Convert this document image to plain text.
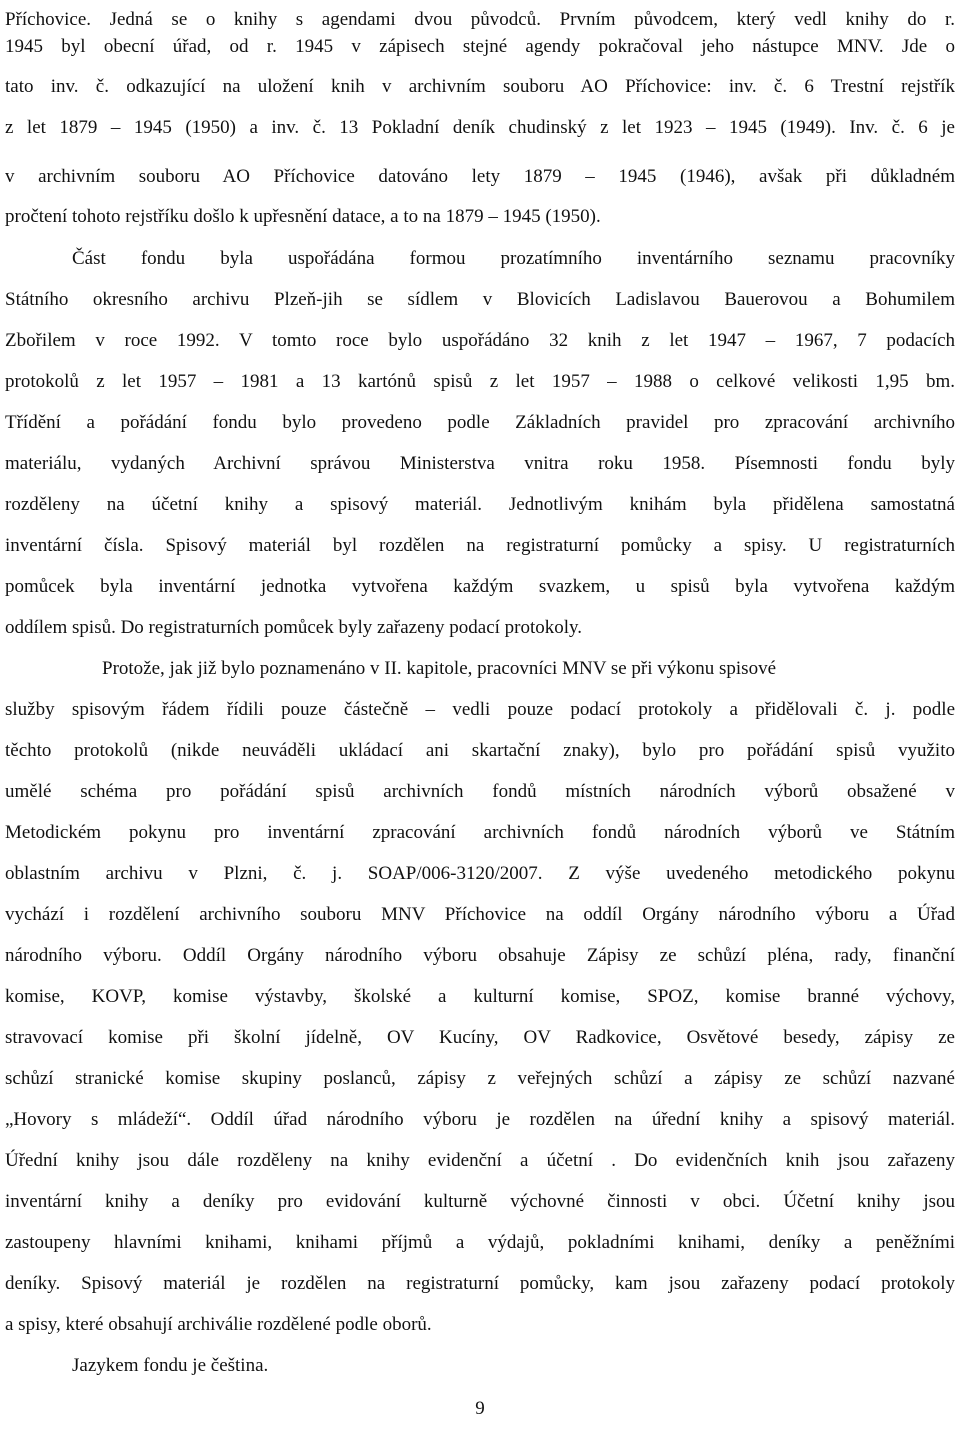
Příchovice. Jedná se o knihy s agendami dvou původců. Prvním původcem, který vedl knihy do r.
1945 byl obecní úřad, od r. 1945 v zápisech stejné agendy pokračoval jeho nástupce MNV. Jde o
tato inv. č. odkazující na uložení knih v archivním souboru AO Příchovice: inv. č. 6 Trestní rejstřík
z let 1879 – 1945 (1950) a inv. č. 13 Pokladní deník chudinský z let 1923 – 1945 (1949). Inv. č. 6 je
v archivním souboru AO Příchovice datováno lety 1879 – 1945 (1946), avšak při důkladném
pročtení tohoto rejstříku došlo k upřesnění datace, a to na 1879 – 1945 (1950).
Část fondu byla uspořádána formou prozatímního inventárního seznamu pracovníky
Státního okresního archivu Plzeň-jih se sídlem v Blovicích Ladislavou Bauerovou a Bohumilem
Zbořilem v roce 1992. V tomto roce bylo uspořádáno 32 knih z let 1947 – 1967, 7 podacích
protokolů z let 1957 – 1981 a 13 kartónů spisů z let 1957 – 1988 o celkové velikosti 1,95 bm.
Třídění a pořádání fondu bylo provedeno podle Základních pravidel pro zpracování archivního
materiálu, vydaných Archivní správou Ministerstva vnitra roku 1958. Písemnosti fondu byly
rozděleny na účetní knihy a spisový materiál. Jednotlivým knihám byla přidělena samostatná
inventární čísla. Spisový materiál byl rozdělen na registraturní pomůcky a spisy. U registraturních
pomůcek byla inventární jednotka vytvořena každým svazkem, u spisů byla vytvořena každým
oddílem spisů. Do registraturních pomůcek byly zařazeny podací protokoly.
Protože, jak již bylo poznamenáno v II. kapitole, pracovníci MNV se při výkonu spisové
služby spisovým řádem řídili pouze částečně – vedli pouze podací protokoly a přidělovali č. j. podle
těchto protokolů (nikde neuváděli ukládací ani skartační znaky), bylo pro pořádání spisů využito
umělé schéma pro pořádání spisů archivních fondů místních národních výborů obsažené v
Metodickém pokynu pro inventární zpracování archivních fondů národních výborů ve Státním
oblastním archivu v Plzni, č. j. SOAP/006-3120/2007. Z výše uvedeného metodického pokynu
vychází i rozdělení archivního souboru MNV Příchovice na oddíl Orgány národního výboru a Úřad
národního výboru. Oddíl Orgány národního výboru obsahuje Zápisy ze schůzí pléna, rady, finanční
komise, KOVP, komise výstavby, školské a kulturní komise, SPOZ, komise branné výchovy,
stravovací komise při školní jídelně, OV Kucíny, OV Radkovice, Osvětové besedy, zápisy ze
schůzí stranické komise skupiny poslanců, zápisy z veřejných schůzí a zápisy ze schůzí nazvané
„Hovory s mládeží“. Oddíl úřad národního výboru je rozdělen na úřední knihy a spisový materiál.
Úřední knihy jsou dále rozděleny na knihy evidenční a účetní . Do evidenčních knih jsou zařazeny
inventární knihy a deníky pro evidování kulturně výchovné činnosti v obci. Účetní knihy jsou
zastoupeny hlavními knihami, knihami příjmů a výdajů, pokladními knihami, deníky a peněžními
deníky. Spisový materiál je rozdělen na registraturní pomůcky, kam jsou zařazeny podací protokoly
a spisy, které obsahují archiválie rozdělené podle oborů.
Jazykem fondu je čeština.
9
